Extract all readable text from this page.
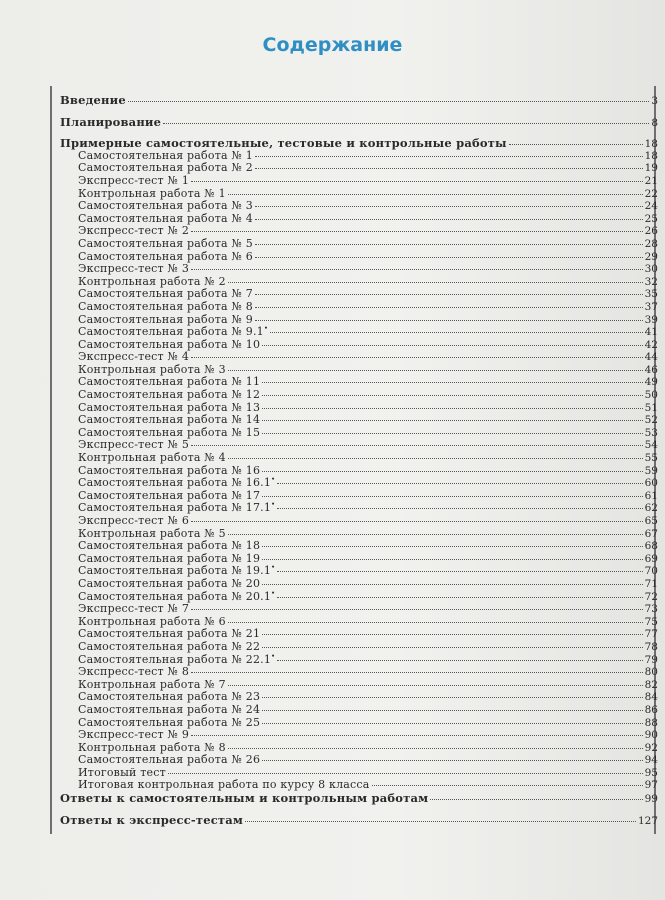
Содержание
Введение	3
Планирование	8
Примерные самостоятельные, тестовые и контрольные работы	18
Самостоятельная работа № 1	18
Самостоятельная работа № 2	19
Экспресс-тест № 1	21
Контрольная работа № 1	22
Самостоятельная работа № 3	24
Самостоятельная работа № 4	25
Экспресс-тест № 2	26
Самостоятельная работа № 5	28
Самостоятельная работа № 6	29
Экспресс-тест № 3	30
Контрольная работа № 2	32
Самостоятельная работа № 7	35
Самостоятельная работа № 8	37
Самостоятельная работа № 9	39
Самостоятельная работа № 9.1•	41
Самостоятельная работа № 10	42
Экспресс-тест № 4	44
Контрольная работа № 3	46
Самостоятельная работа № 11	49
Самостоятельная работа № 12	50
Самостоятельная работа № 13	51
Самостоятельная работа № 14	52
Самостоятельная работа № 15	53
Экспресс-тест № 5	54
Контрольная работа № 4	55
Самостоятельная работа № 16	59
Самостоятельная работа № 16.1•	60
Самостоятельная работа № 17	61
Самостоятельная работа № 17.1•	62
Экспресс-тест № 6	65
Контрольная работа № 5	67
Самостоятельная работа № 18	68
Самостоятельная работа № 19	69
Самостоятельная работа № 19.1•	70
Самостоятельная работа № 20	71
Самостоятельная работа № 20.1•	72
Экспресс-тест № 7	73
Контрольная работа № 6	75
Самостоятельная работа № 21	77
Самостоятельная работа № 22	78
Самостоятельная работа № 22.1•	79
Экспресс-тест № 8	80
Контрольная работа № 7	82
Самостоятельная работа № 23	84
Самостоятельная работа № 24	86
Самостоятельная работа № 25	88
Экспресс-тест № 9	90
Контрольная работа № 8	92
Самостоятельная работа № 26	94
Итоговый тест	95
Итоговая контрольная работа по курсу 8 класса	97
Ответы к самостоятельным и контрольным работам	99
Ответы к экспресс-тестам	127
